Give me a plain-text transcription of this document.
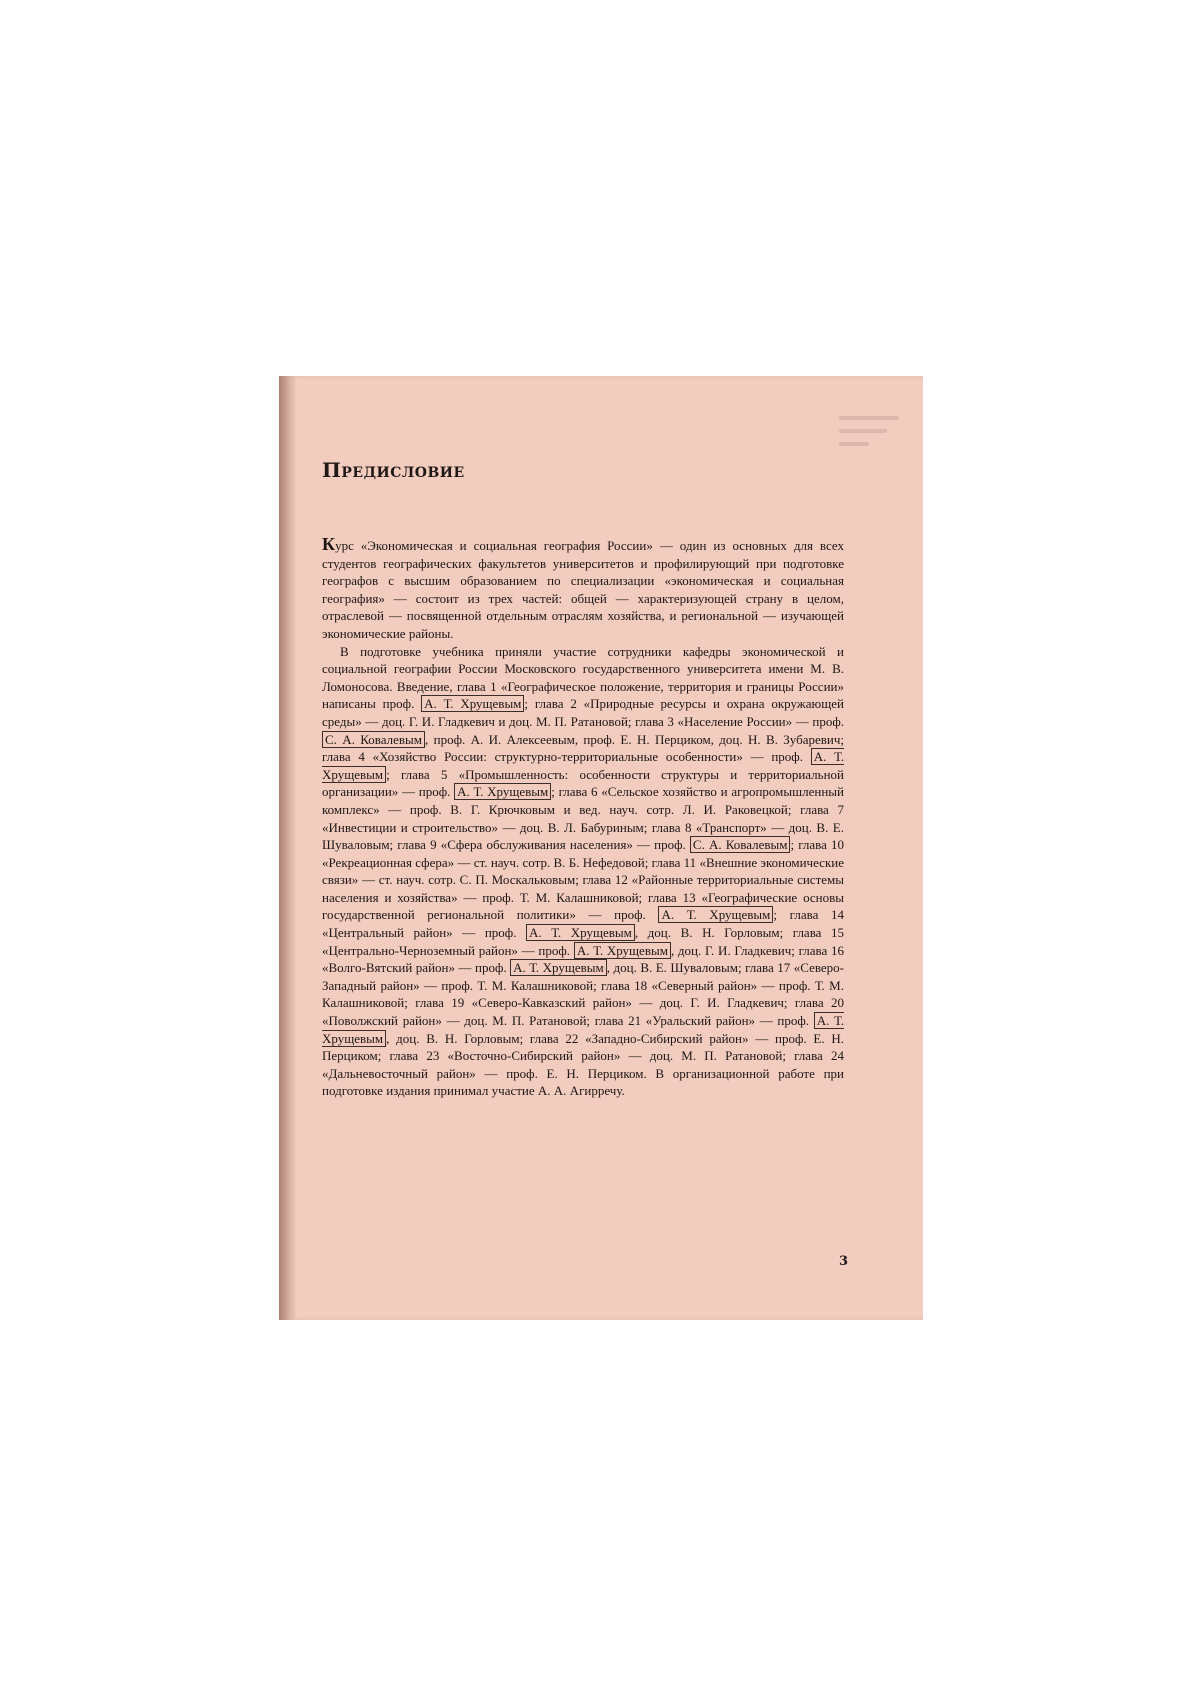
Предисловие

Курс «Экономическая и социальная география России» — один из основных для всех студентов географических факультетов университетов и профилирующий при подготовке географов с высшим образованием по специализации «экономическая и социальная география» — состоит из трех частей: общей — характеризующей страну в целом, отраслевой — посвященной отдельным отраслям хозяйства, и региональной — изучающей экономические районы.

В подготовке учебника приняли участие сотрудники кафедры экономической и социальной географии России Московского государственного университета имени М. В. Ломоносова. Введение, глава 1 «Географическое положение, территория и границы России» написаны проф. А. Т. Хрущевым ; глава 2 «Природные ресурсы и охрана окружающей среды» — доц. Г. И. Гладкевич и доц. М. П. Ратановой; глава 3 «Население России» — проф. С. А. Ковалевым , проф. А. И. Алексеевым, проф. Е. Н. Перциком, доц. Н. В. Зубаревич; глава 4 «Хозяйство России: структурно-территориальные особенности» — проф. А. Т. Хрущевым ; глава 5 «Промышленность: особенности структуры и территориальной организации» — проф. А. Т. Хрущевым ; глава 6 «Сельское хозяйство и агропромышленный комплекс» — проф. В. Г. Крючковым и вед. науч. сотр. Л. И. Раковецкой; глава 7 «Инвестиции и строительство» — доц. В. Л. Бабуриным; глава 8 «Транспорт» — доц. В. Е. Шуваловым; глава 9 «Сфера обслуживания населения» — проф. С. А. Ковалевым ; глава 10 «Рекреационная сфера» — ст. науч. сотр. В. Б. Нефедовой; глава 11 «Внешние экономические связи» — ст. науч. сотр. С. П. Москальковым; глава 12 «Районные территориальные системы населения и хозяйства» — проф. Т. М. Калашниковой; глава 13 «Географические основы государственной региональной политики» — проф. А. Т. Хрущевым ; глава 14 «Центральный район» — проф. А. Т. Хрущевым , доц. В. Н. Горловым; глава 15 «Центрально-Черноземный район» — проф. А. Т. Хрущевым , доц. Г. И. Гладкевич; глава 16 «Волго-Вятский район» — проф. А. Т. Хрущевым , доц. В. Е. Шуваловым; глава 17 «Северо-Западный район» — проф. Т. М. Калашниковой; глава 18 «Северный район» — проф. Т. М. Калашниковой; глава 19 «Северо-Кавказский район» — доц. Г. И. Гладкевич; глава 20 «Поволжский район» — доц. М. П. Ратановой; глава 21 «Уральский район» — проф. А. Т. Хрущевым , доц. В. Н. Горловым; глава 22 «Западно-Сибирский район» — проф. Е. Н. Перциком; глава 23 «Восточно-Сибирский район» — доц. М. П. Ратановой; глава 24 «Дальневосточный район» — проф. Е. Н. Перциком. В организационной работе при подготовке издания принимал участие А. А. Агирречу.

3
